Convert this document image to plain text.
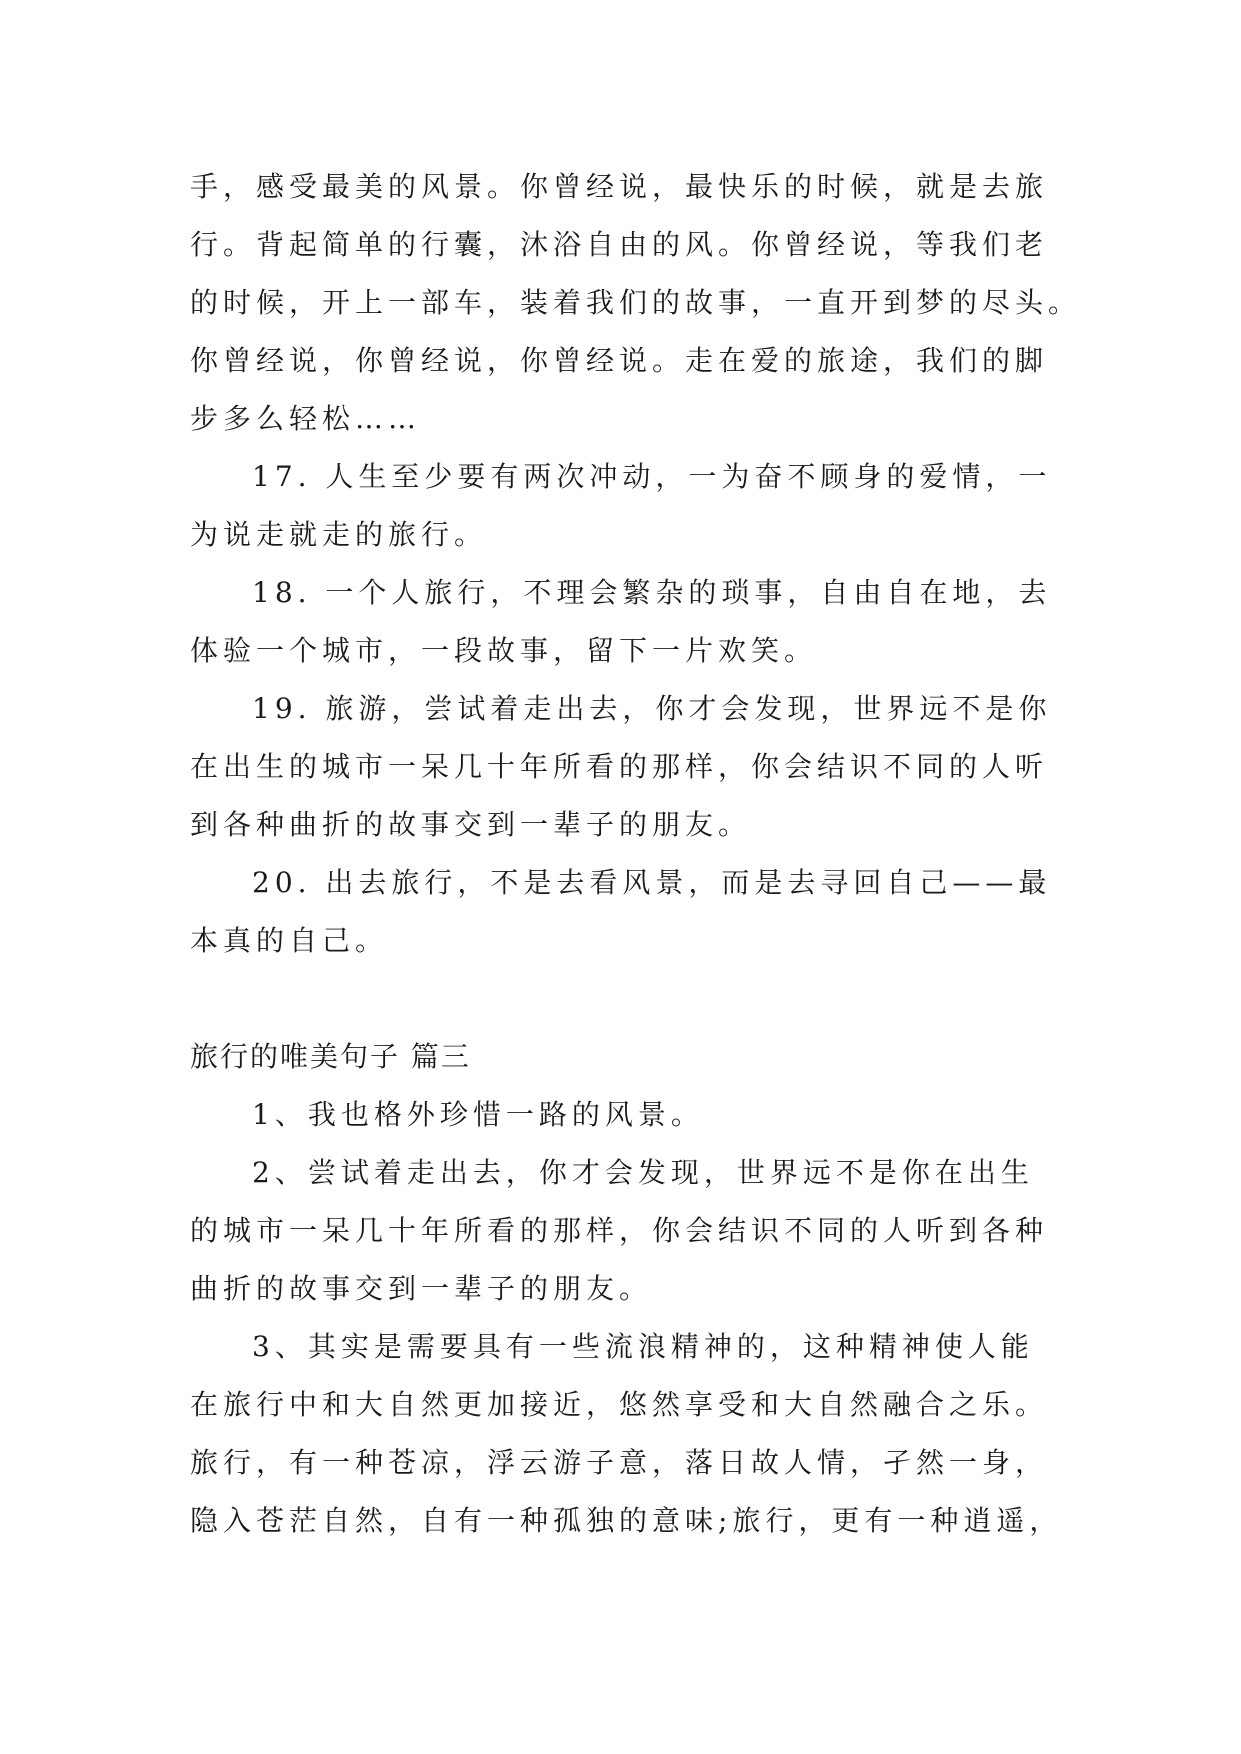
手，感受最美的风景。你曾经说，最快乐的时候，就是去旅
行。背起简单的行囊，沐浴自由的风。你曾经说，等我们老
的时候，开上一部车，装着我们的故事，一直开到梦的尽头。
你曾经说，你曾经说，你曾经说。走在爱的旅途，我们的脚
步多么轻松……
17. 人生至少要有两次冲动，一为奋不顾身的爱情，一
为说走就走的旅行。
18. 一个人旅行，不理会繁杂的琐事，自由自在地，去
体验一个城市，一段故事，留下一片欢笑。
19. 旅游，尝试着走出去，你才会发现，世界远不是你
在出生的城市一呆几十年所看的那样，你会结识不同的人听
到各种曲折的故事交到一辈子的朋友。
20. 出去旅行，不是去看风景，而是去寻回自己——最
本真的自己。
旅行的唯美句子 篇三
1、我也格外珍惜一路的风景。
2、尝试着走出去，你才会发现，世界远不是你在出生
的城市一呆几十年所看的那样，你会结识不同的人听到各种
曲折的故事交到一辈子的朋友。
3、其实是需要具有一些流浪精神的，这种精神使人能
在旅行中和大自然更加接近，悠然享受和大自然融合之乐。
旅行，有一种苍凉，浮云游子意，落日故人情，孑然一身，
隐入苍茫自然，自有一种孤独的意味;旅行，更有一种逍遥，
